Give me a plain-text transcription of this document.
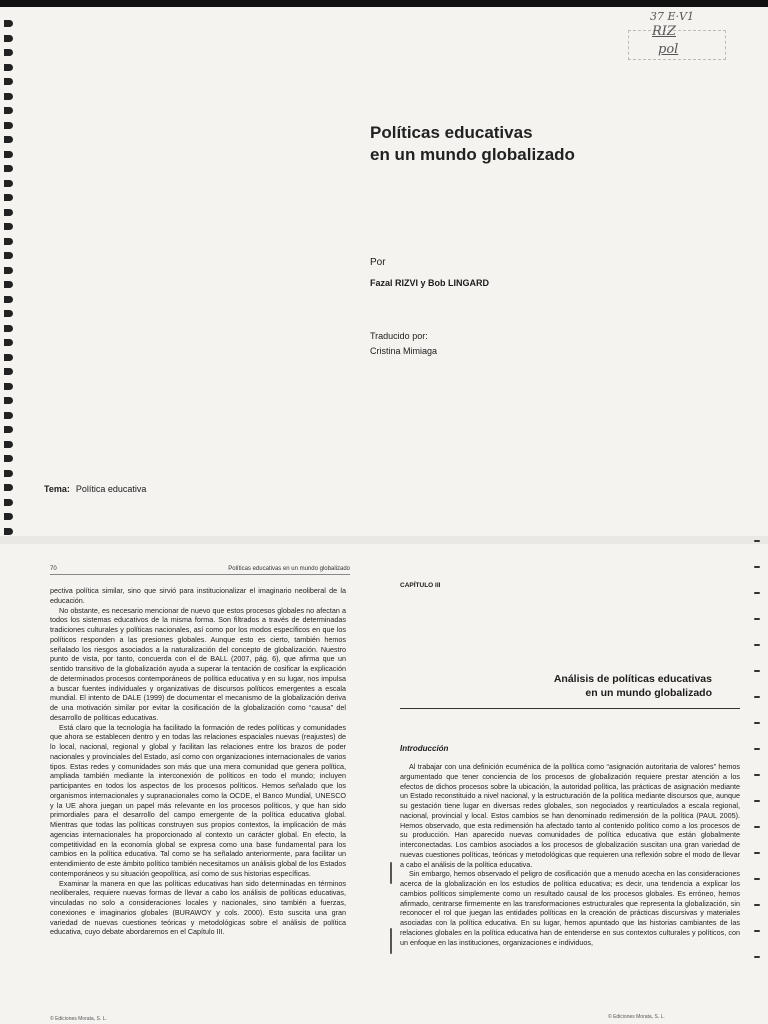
37 E·V1
RIZ
pol
Políticas educativas
en un mundo globalizado
Por
Fazal RIZVI y Bob LINGARD
Traducido por:
Cristina Mimiaga
Tema: Política educativa
70	Políticas educativas en un mundo globalizado

pectiva política similar, sino que sirvió para institucionalizar el imaginario neoliberal de la educación.

No obstante, es necesario mencionar de nuevo que estos procesos globales no afectan a todos los sistemas educativos de la misma forma. Son filtrados a través de determinadas tradiciones culturales y políticas nacionales, así como por los modos específicos en que los políticos responden a las presiones globales. Aunque esto es cierto, también hemos señalado los riesgos asociados a la naturalización del concepto de globalización. Nuestro punto de vista, por tanto, concuerda con el de BALL (2007, pág. 6), que afirma que un sentido transitivo de la globalización ayuda a superar la tentación de cosificar la explicación de determinados procesos contemporáneos de política educativa y en su lugar, nos impulsa a buscar fuentes individuales y organizativas de discursos políticos emergentes a escala mundial. El intento de DALE (1999) de documentar el mecanismo de la globalización deriva de una motivación similar por evitar la cosificación de la globalización como “causa” del desarrollo de políticas educativas.

Está claro que la tecnología ha facilitado la formación de redes políticas y comunidades que ahora se establecen dentro y en todas las relaciones espaciales nuevas (reajustes) de lo local, nacional, regional y global y facilitan las relaciones entre los brazos de poder nacionales y provinciales del Estado, así como con organizaciones internacionales de varios tipos. Estas redes y comunidades son más que una mera comunidad que genera política, ampliada también mediante la interconexión de políticos en todo el mundo; incluyen participantes en todos los aspectos de los procesos políticos. Hemos señalado que los organismos internacionales y supranacionales como la OCDE, el Banco Mundial, UNESCO y la UE ahora juegan un papel más relevante en los procesos políticos, y que han sido primordiales para el desarrollo del campo emergente de la política educativa global. Mientras que todas las políticas construyen sus propios contextos, la implicación de más agencias internacionales ha proporcionado al contexto un carácter global. En efecto, la competitividad en la economía global se expresa como una base fundamental para los cambios en la política educativa. Tal como se ha señalado anteriormente, para facilitar un entendimiento de este ámbito político también necesitamos un análisis global de los Estados contemporáneos y su situación geopolítica, así como de sus historias específicas.

Examinar la manera en que las políticas educativas han sido determinadas en términos neoliberales, requiere nuevas formas de llevar a cabo los análisis de políticas educativas, vinculadas no solo a consideraciones locales y nacionales, sino también a fuerzas, conexiones e imaginarios globales (BURAWOY y cols. 2000). Esto suscita una gran variedad de nuevas cuestiones teóricas y metodológicas sobre el análisis de política educativa, cuyo debate abordaremos en el Capítulo III.

© Ediciones Morata, S. L.
CAPÍTULO III
Análisis de políticas educativas
en un mundo globalizado
Introducción

Al trabajar con una definición ecuménica de la política como “asignación autoritaria de valores” hemos argumentado que tener conciencia de los procesos de globalización requiere prestar atención a los efectos de dichos procesos sobre la ubicación, la autoridad política, las prácticas de asignación mediante un Estado reconstituido a nivel nacional, y la estructuración de la política mediante discursos que, aunque su gestación tiene lugar en diversas redes globales, son negociados y rearticulados a escala regional, nacional, provincial y local. Estos cambios se han denominado redimensión de la política (PAUL 2005). Hemos observado, que esta redimensión ha afectado tanto al contenido político como a los procesos de su producción. Han aparecido nuevas comunidades de política educativa que están globalmente interconectadas. Los cambios asociados a los procesos de globalización suscitan una gran variedad de nuevas cuestiones políticas, teóricas y metodológicas que requieren una reflexión sobre el modo de llevar a cabo el análisis de la política educativa.

Sin embargo, hemos observado el peligro de cosificación que a menudo acecha en las consideraciones acerca de la globalización en los estudios de política educativa; es decir, una tendencia a explicar los cambios políticos simplemente como un resultado causal de los procesos globales. Es erróneo, hemos afirmado, centrarse firmemente en las transformaciones estructurales que representa la globalización, sin reconocer el rol que juegan las entidades políticas en la creación de prácticas discursivas y materiales asociadas con la política educativa. En su lugar, hemos apuntado que las historias cambiantes de las relaciones globales en la política educativa han de entenderse en sus contextos culturales y políticos, con un enfoque en las instituciones, organizaciones e individuos,

© Ediciones Morata, S. L.
